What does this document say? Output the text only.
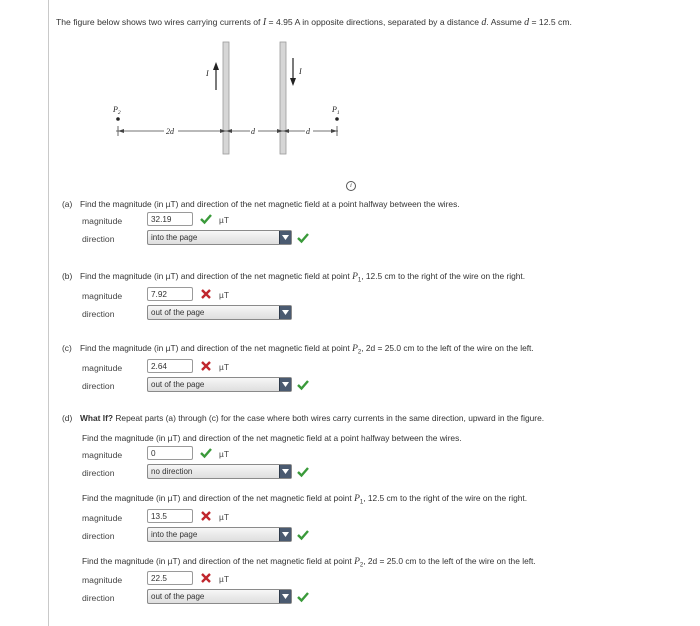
The figure below shows two wires carrying currents of I = 4.95 A in opposite directions, separated by a distance d. Assume d = 12.5 cm.
I	I
$P_2$	$P_1$
2d	d	d
i
(a) Find the magnitude (in µT) and direction of the net magnetic field at a point halfway between the wires.
magnitude	32.19	µT
direction	into the page
(b) Find the magnitude (in µT) and direction of the net magnetic field at point $P_1$, 12.5 cm to the right of the wire on the right.
magnitude	7.92	µT
direction	out of the page
(c) Find the magnitude (in µT) and direction of the net magnetic field at point $P_2$, 2d = 25.0 cm to the left of the wire on the left.
magnitude	2.64	µT
direction	out of the page
(d) What If? Repeat parts (a) through (c) for the case where both wires carry currents in the same direction, upward in the figure.
Find the magnitude (in µT) and direction of the net magnetic field at a point halfway between the wires.
magnitude	0	µT
direction	no direction
Find the magnitude (in µT) and direction of the net magnetic field at point $P_1$, 12.5 cm to the right of the wire on the right.
magnitude	13.5	µT
direction	into the page
Find the magnitude (in µT) and direction of the net magnetic field at point $P_2$, 2d = 25.0 cm to the left of the wire on the left.
magnitude	22.5	µT
direction	out of the page
